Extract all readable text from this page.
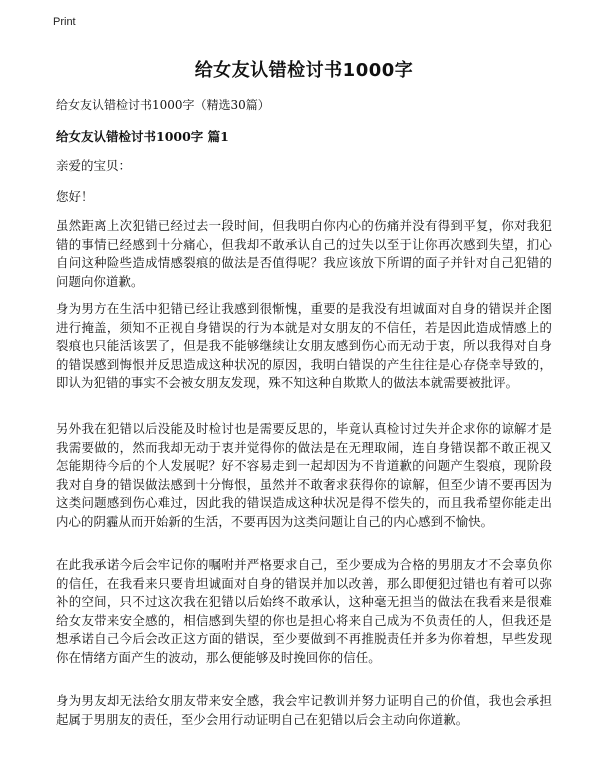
Print
给女友认错检讨书1000字
给女友认错检讨书1000字（精选30篇）
给女友认错检讨书1000字 篇1
亲爱的宝贝：
您好！

虽然距离上次犯错已经过去一段时间，但我明白你内心的伤痛并没有得到平复，你对我犯错的事情已经感到十分痛心，但我却不敢承认自己的过失以至于让你再次感到失望，扪心自问这种险些造成情感裂痕的做法是否值得呢？我应该放下所谓的面子并针对自己犯错的问题向你道歉。

身为男方在生活中犯错已经让我感到很惭愧，重要的是我没有坦诚面对自身的错误并企图进行掩盖，须知不正视自身错误的行为本就是对女朋友的不信任，若是因此造成情感上的裂痕也只能活该罢了，但是我不能够继续让女朋友感到伤心而无动于衷，所以我得对自身的错误感到悔恨并反思造成这种状况的原因，我明白错误的产生往往是心存侥幸导致的，即认为犯错的事实不会被女朋友发现，殊不知这种自欺欺人的做法本就需要被批评。

另外我在犯错以后没能及时检讨也是需要反思的，毕竟认真检讨过失并企求你的谅解才是我需要做的，然而我却无动于衷并觉得你的做法是在无理取闹，连自身错误都不敢正视又怎能期待今后的个人发展呢？好不容易走到一起却因为不肯道歉的问题产生裂痕，现阶段我对自身的错误做法感到十分悔恨，虽然并不敢奢求获得你的谅解，但至少请不要再因为这类问题感到伤心难过，因此我的错误造成这种状况是得不偿失的，而且我希望你能走出内心的阴霾从而开始新的生活，不要再因为这类问题让自己的内心感到不愉快。

在此我承诺今后会牢记你的嘱咐并严格要求自己，至少要成为合格的男朋友才不会辜负你的信任，在我看来只要肯坦诚面对自身的错误并加以改善，那么即便犯过错也有着可以弥补的空间，只不过这次我在犯错以后始终不敢承认，这种毫无担当的做法在我看来是很难给女友带来安全感的，相信感到失望的你也是担心将来自己成为不负责任的人，但我还是想承诺自己今后会改正这方面的错误，至少要做到不再推脱责任并多为你着想，早些发现你在情绪方面产生的波动，那么便能够及时挽回你的信任。

身为男友却无法给女朋友带来安全感，我会牢记教训并努力证明自己的价值，我也会承担起属于男朋友的责任，至少会用行动证明自己在犯错以后会主动向你道歉。
